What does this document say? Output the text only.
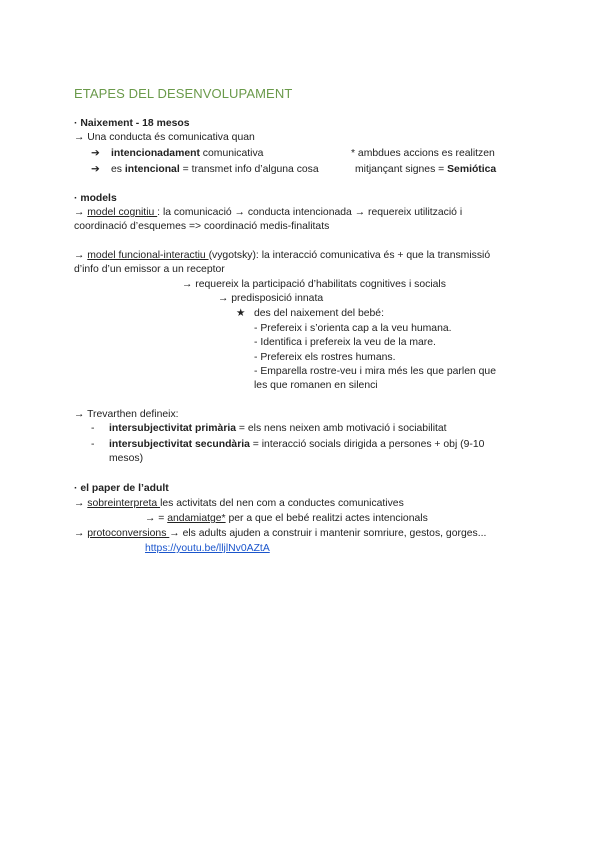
ETAPES DEL DESENVOLUPAMENT
· Naixement - 18 mesos
→ Una conducta és comunicativa quan
➔ intencionadament comunicativa	* ambdues accions es realitzen
➔ es intencional = transmet info d’alguna cosa	mitjançant signes = Semiótica
· models
→ model cognitiu : la comunicació → conducta intencionada → requereix utilització i
coordinació d’esquemes => coordinació medis-finalitats
→ model funcional-interactiu (vygotsky): la interacció comunicativa és + que la transmissió
d’info d’un emissor a un receptor
→ requereix la participació d’habilitats cognitives i socials
→ predisposició innata
★ des del naixement del bebé:
- Prefereix i s’orienta cap a la veu humana.
- Identifica i prefereix la veu de la mare.
- Prefereix els rostres humans.
- Emparella rostre-veu i mira més les que parlen que
les que romanen en silenci
→ Trevarthen defineix:
- intersubjectivitat primària = els nens neixen amb motivació i sociabilitat
- intersubjectivitat secundària = interacció socials dirigida a persones + obj (9-10
mesos)
· el paper de l’adult
→ sobreinterpreta les activitats del nen com a conductes comunicatives
→ = andamiatge* per a que el bebé realitzi actes intencionals
→ protoconversions → els adults ajuden a construir i mantenir somriure, gestos, gorges...
https://youtu.be/lljlNv0AZtA
